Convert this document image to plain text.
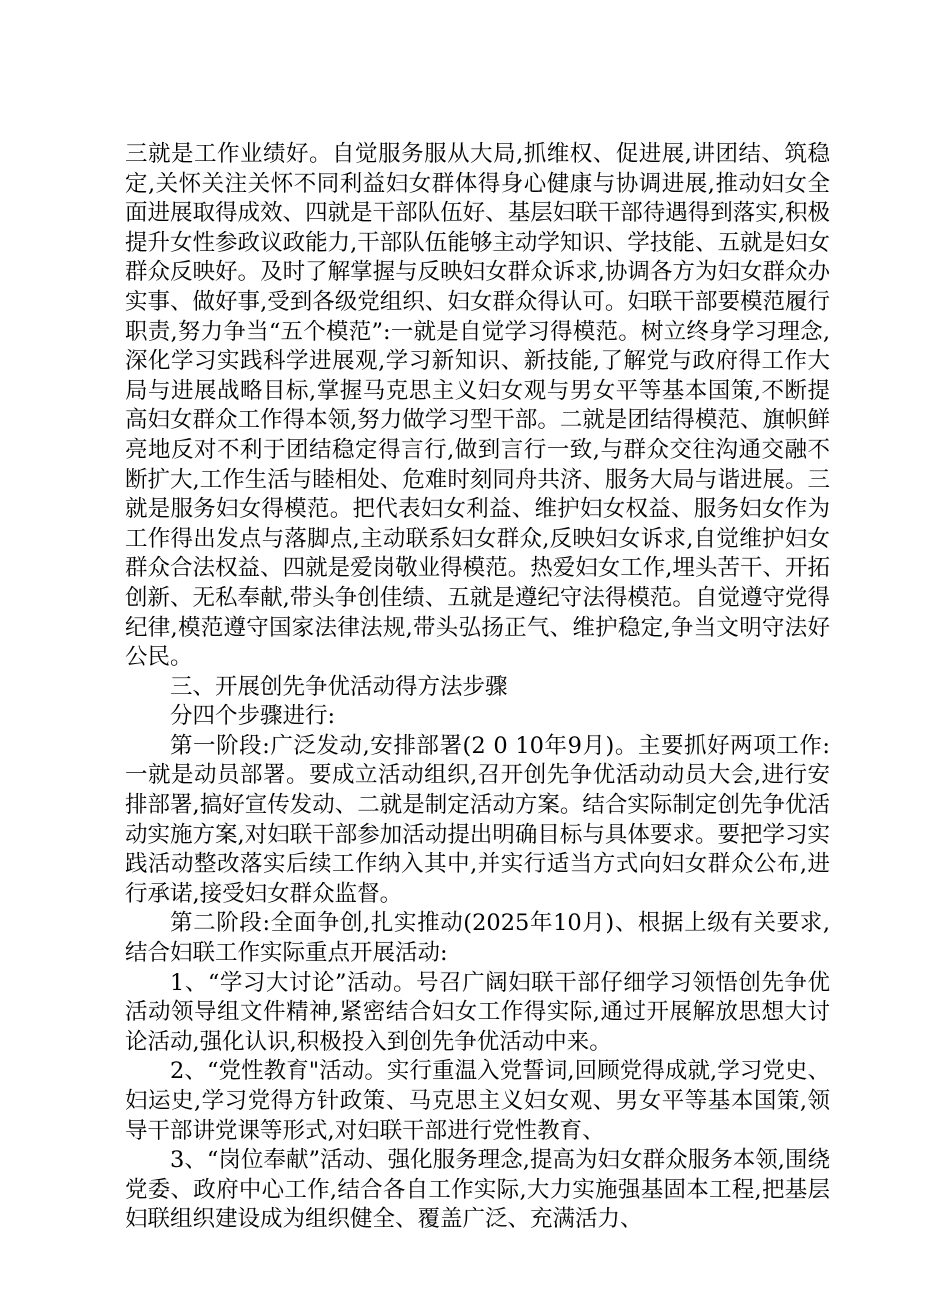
三就是工作业绩好。自觉服务服从大局,抓维权、促进展,讲团结、筑稳定,关怀关注关怀不同利益妇女群体得身心健康与协调进展,推动妇女全面进展取得成效、四就是干部队伍好、基层妇联干部待遇得到落实,积极提升女性参政议政能力,干部队伍能够主动学知识、学技能、五就是妇女群众反映好。及时了解掌握与反映妇女群众诉求,协调各方为妇女群众办实事、做好事,受到各级党组织、妇女群众得认可。妇联干部要模范履行职责,努力争当“五个模范”:一就是自觉学习得模范。树立终身学习理念,深化学习实践科学进展观,学习新知识、新技能,了解党与政府得工作大局与进展战略目标,掌握马克思主义妇女观与男女平等基本国策,不断提高妇女群众工作得本领,努力做学习型干部。二就是团结得模范、旗帜鲜亮地反对不利于团结稳定得言行,做到言行一致,与群众交往沟通交融不断扩大,工作生活与睦相处、危难时刻同舟共济、服务大局与谐进展。三就是服务妇女得模范。把代表妇女利益、维护妇女权益、服务妇女作为工作得出发点与落脚点,主动联系妇女群众,反映妇女诉求,自觉维护妇女群众合法权益、四就是爱岗敬业得模范。热爱妇女工作,埋头苦干、开拓创新、无私奉献,带头争创佳绩、五就是遵纪守法得模范。自觉遵守党得纪律,模范遵守国家法律法规,带头弘扬正气、维护稳定,争当文明守法好公民。

三、开展创先争优活动得方法步骤

分四个步骤进行:

第一阶段:广泛发动,安排部署(2 0 10年9月)。主要抓好两项工作:一就是动员部署。要成立活动组织,召开创先争优活动动员大会,进行安排部署,搞好宣传发动、二就是制定活动方案。结合实际制定创先争优活动实施方案,对妇联干部参加活动提出明确目标与具体要求。要把学习实践活动整改落实后续工作纳入其中,并实行适当方式向妇女群众公布,进行承诺,接受妇女群众监督。

第二阶段:全面争创,扎实推动(2025年10月)、根据上级有关要求,结合妇联工作实际重点开展活动:

1、“学习大讨论”活动。号召广阔妇联干部仔细学习领悟创先争优活动领导组文件精神,紧密结合妇女工作得实际,通过开展解放思想大讨论活动,强化认识,积极投入到创先争优活动中来。

2、“党性教育"活动。实行重温入党誓词,回顾党得成就,学习党史、妇运史,学习党得方针政策、马克思主义妇女观、男女平等基本国策,领导干部讲党课等形式,对妇联干部进行党性教育、

3、“岗位奉献”活动、强化服务理念,提高为妇女群众服务本领,围绕党委、政府中心工作,结合各自工作实际,大力实施强基固本工程,把基层妇联组织建设成为组织健全、覆盖广泛、充满活力、
